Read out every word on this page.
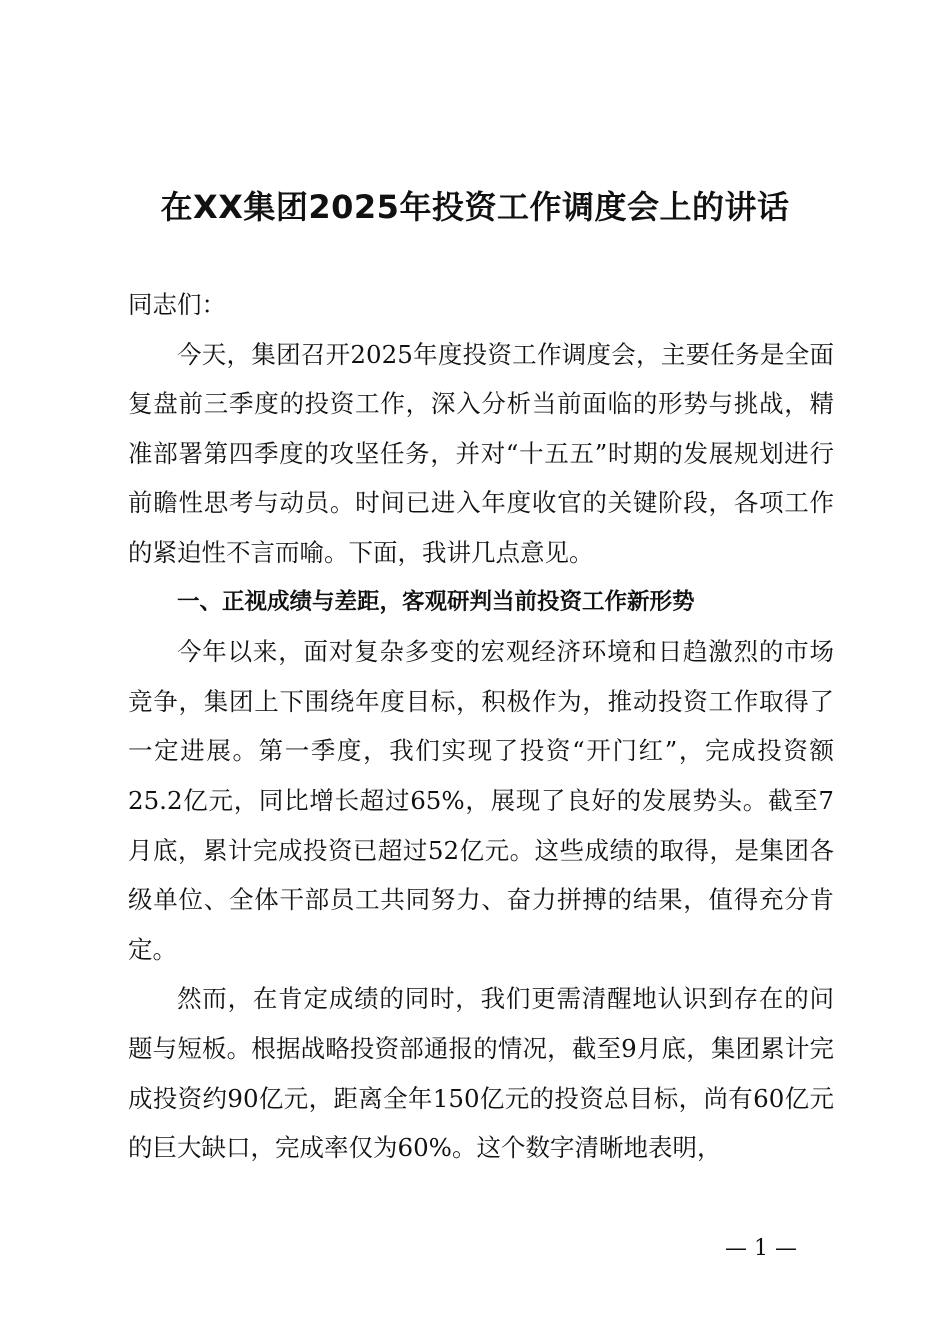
在XX集团2025年投资工作调度会上的讲话

同志们：

今天，集团召开2025年度投资工作调度会，主要任务是全面复盘前三季度的投资工作，深入分析当前面临的形势与挑战，精准部署第四季度的攻坚任务，并对“十五五”时期的发展规划进行前瞻性思考与动员。时间已进入年度收官的关键阶段，各项工作的紧迫性不言而喻。下面，我讲几点意见。

一、正视成绩与差距，客观研判当前投资工作新形势

今年以来，面对复杂多变的宏观经济环境和日趋激烈的市场竞争，集团上下围绕年度目标，积极作为，推动投资工作取得了一定进展。第一季度，我们实现了投资“开门红”，完成投资额25.2亿元，同比增长超过65%，展现了良好的发展势头。截至7月底，累计完成投资已超过52亿元。这些成绩的取得，是集团各级单位、全体干部员工共同努力、奋力拼搏的结果，值得充分肯定。

然而，在肯定成绩的同时，我们更需清醒地认识到存在的问题与短板。根据战略投资部通报的情况，截至9月底，集团累计完成投资约90亿元，距离全年150亿元的投资总目标，尚有60亿元的巨大缺口，完成率仅为60%。这个数字清晰地表明，

— 1 —
